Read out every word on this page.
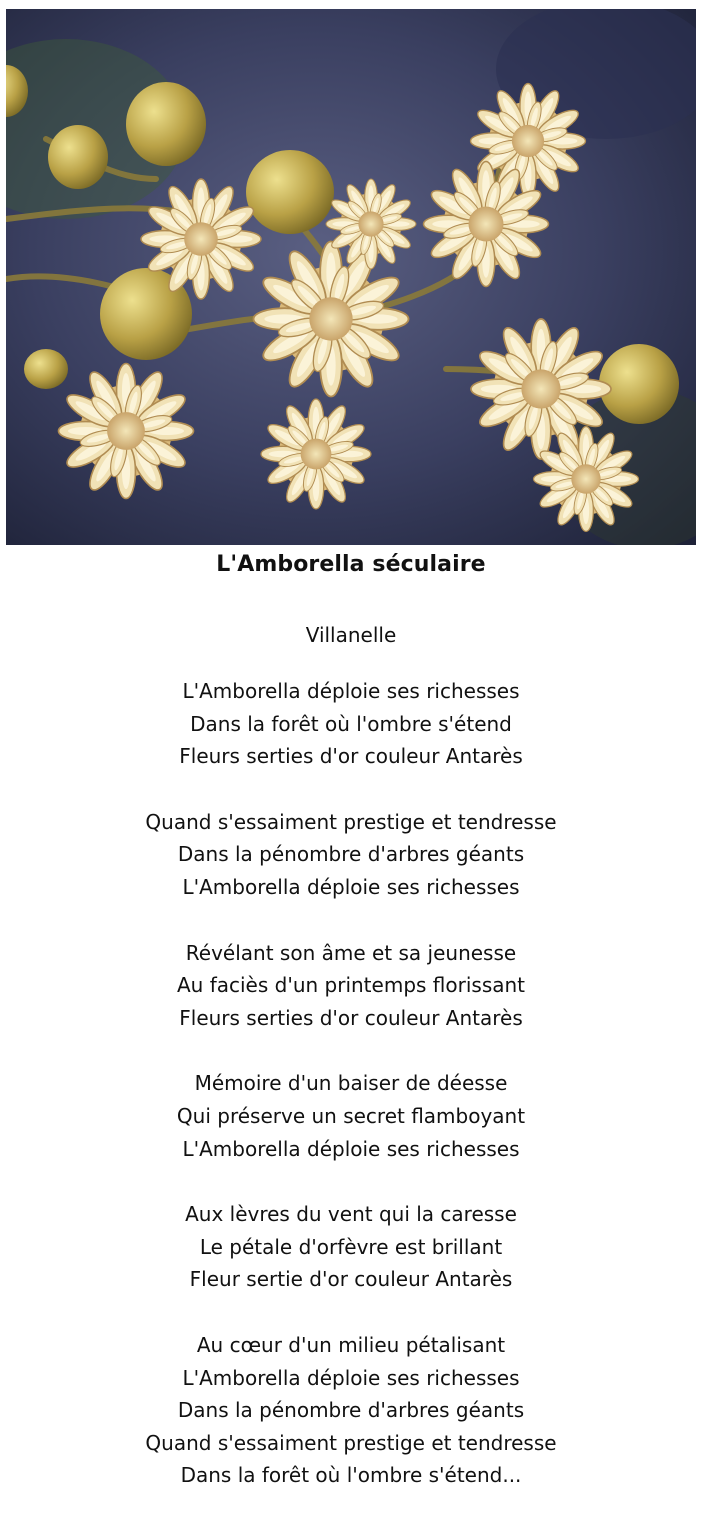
L'Amborella séculaire
Villanelle
L'Amborella déploie ses richesses
Dans la forêt où l'ombre s'étend
Fleurs serties d'or couleur Antarès
Quand s'essaiment prestige et tendresse
Dans la pénombre d'arbres géants
L'Amborella déploie ses richesses
Révélant son âme et sa jeunesse
Au faciès d'un printemps florissant
Fleurs serties d'or couleur Antarès
Mémoire d'un baiser de déesse
Qui préserve un secret flamboyant
L'Amborella déploie ses richesses
Aux lèvres du vent qui la caresse
Le pétale d'orfèvre est brillant
Fleur sertie d'or couleur Antarès
Au cœur d'un milieu pétalisant
L'Amborella déploie ses richesses
Dans la pénombre d'arbres géants
Quand s'essaiment prestige et tendresse
Dans la forêt où l'ombre s'étend...
